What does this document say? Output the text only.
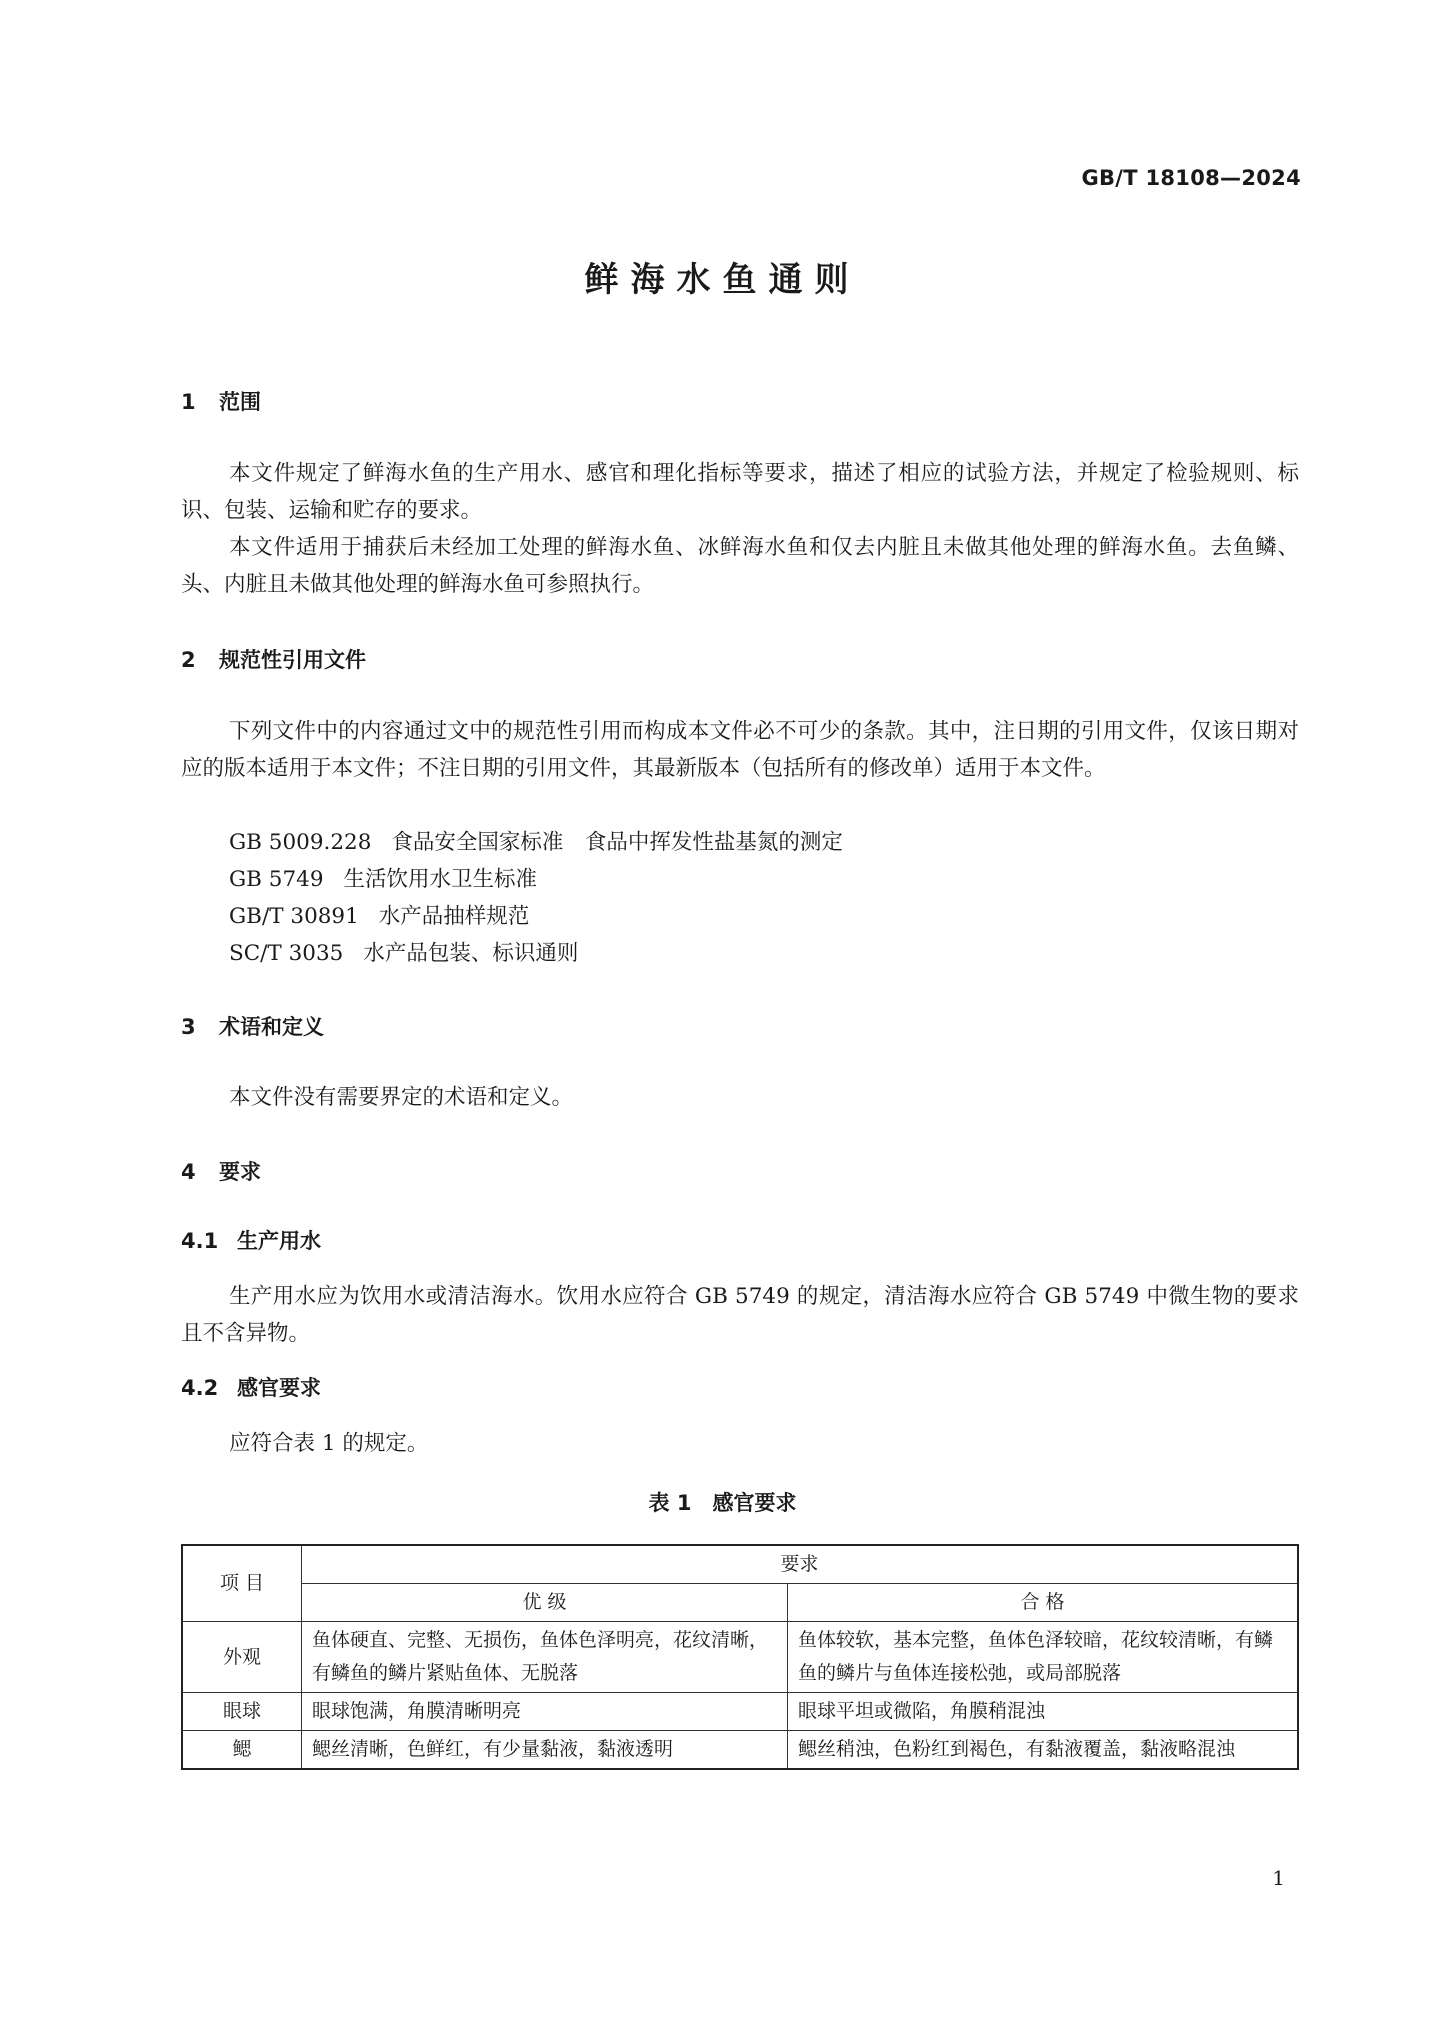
GB/T 18108—2024
鲜海水鱼通则
1 范围

本文件规定了鲜海水鱼的生产用水、感官和理化指标等要求，描述了相应的试验方法，并规定了检验规则、标识、包装、运输和贮存的要求。

本文件适用于捕获后未经加工处理的鲜海水鱼、冰鲜海水鱼和仅去内脏且未做其他处理的鲜海水鱼。去鱼鳞、头、内脏且未做其他处理的鲜海水鱼可参照执行。

2 规范性引用文件

下列文件中的内容通过文中的规范性引用而构成本文件必不可少的条款。其中，注日期的引用文件，仅该日期对应的版本适用于本文件；不注日期的引用文件，其最新版本（包括所有的修改单）适用于本文件。

GB 5009.228 食品安全国家标准　食品中挥发性盐基氮的测定
GB 5749 生活饮用水卫生标准
GB/T 30891 水产品抽样规范
SC/T 3035 水产品包装、标识通则
3 术语和定义

本文件没有需要界定的术语和定义。

4 要求
4.1 生产用水

生产用水应为饮用水或清洁海水。饮用水应符合 GB 5749 的规定，清洁海水应符合 GB 5749 中微生物的要求且不含异物。

4.2 感官要求

应符合表 1 的规定。

表 1　感官要求
项 目	要求	
	优 级	合 格
外观	鱼体硬直、完整、无损伤，鱼体色泽明亮，花纹清晰，有鳞鱼的鳞片紧贴鱼体、无脱落	鱼体较软，基本完整，鱼体色泽较暗，花纹较清晰，有鳞鱼的鳞片与鱼体连接松弛，或局部脱落
眼球	眼球饱满，角膜清晰明亮	眼球平坦或微陷，角膜稍混浊
鳃	鳃丝清晰，色鲜红，有少量黏液，黏液透明	鳃丝稍浊，色粉红到褐色，有黏液覆盖，黏液略混浊
1
